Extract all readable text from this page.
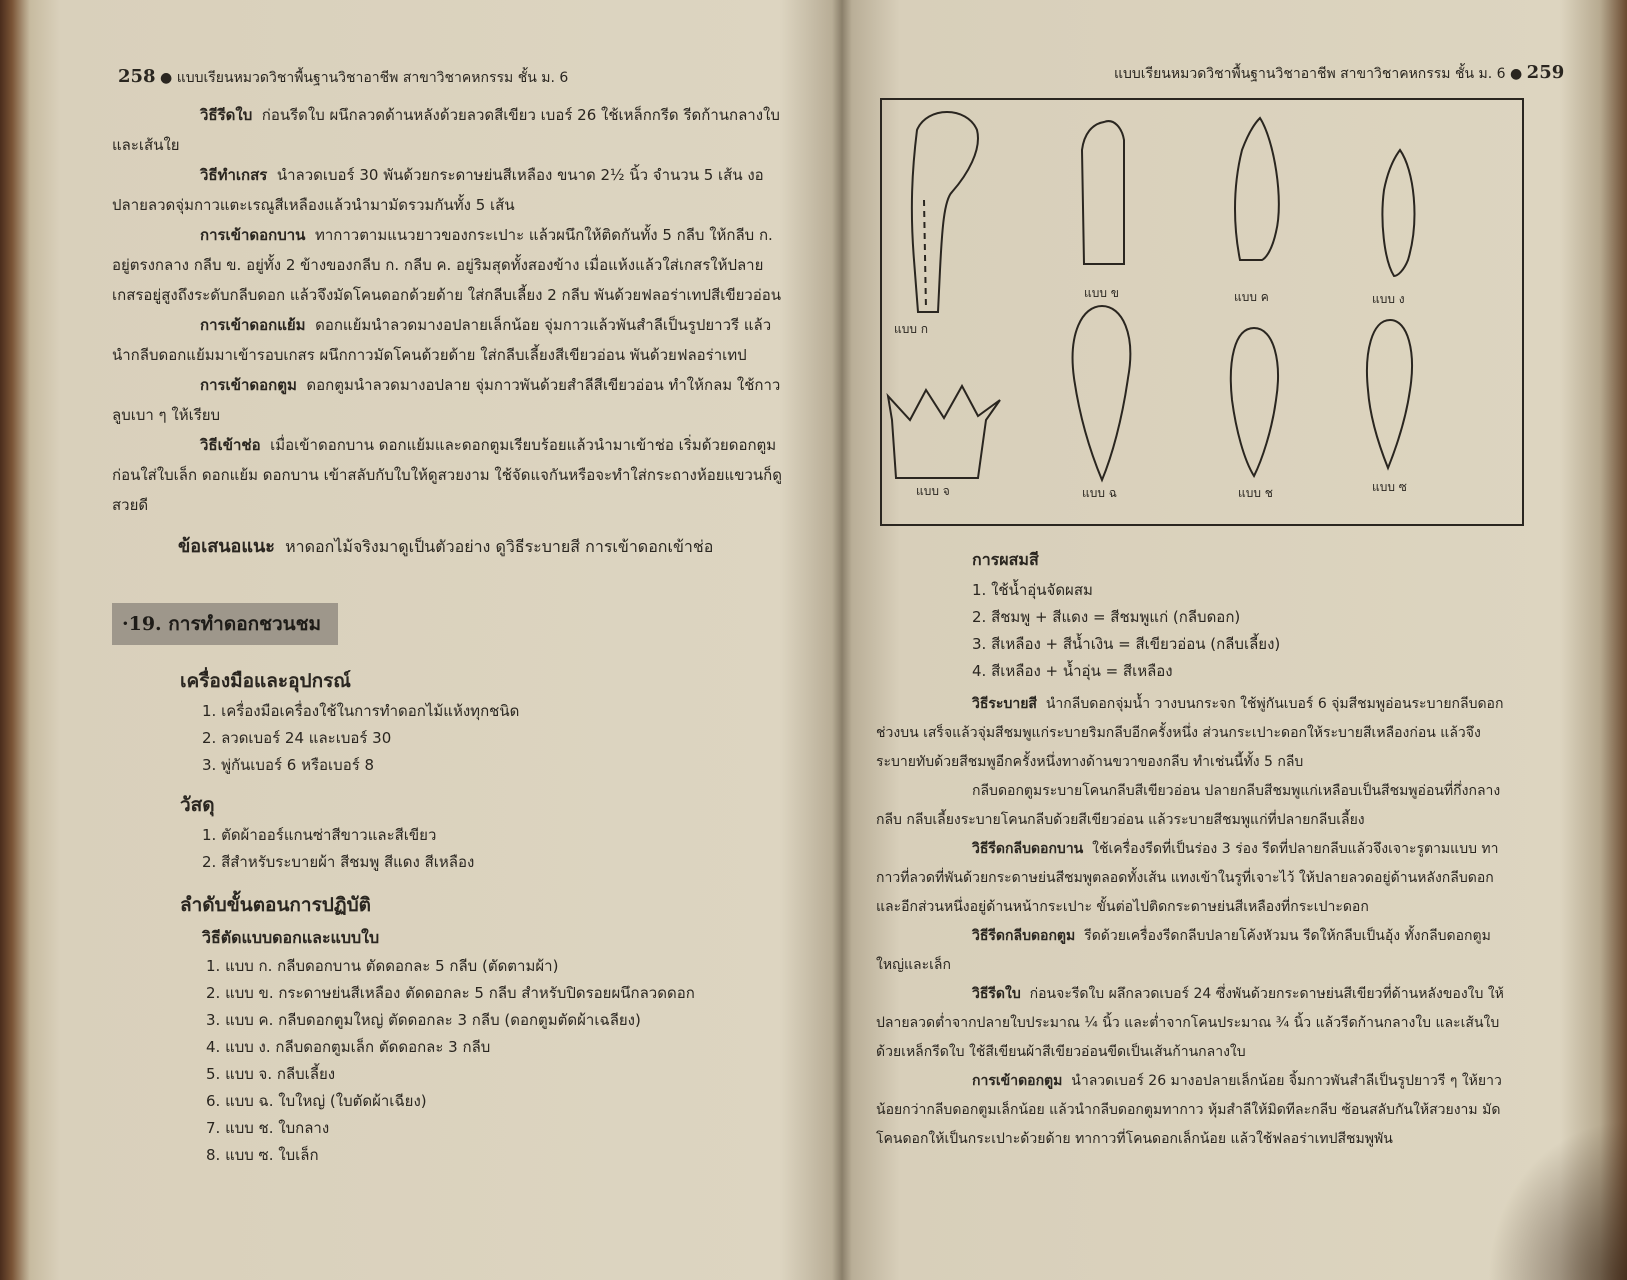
258 ● แบบเรียนหมวดวิชาพื้นฐานวิชาอาชีพ สาขาวิชาคหกรรม ชั้น ม. 6

วิธีรีดใบ ก่อนรีดใบ ผนึกลวดด้านหลังด้วยลวดสีเขียว เบอร์ 26 ใช้เหล็กกรีด รีดก้านกลางใบและเส้นใย

วิธีทำเกสร นำลวดเบอร์ 30 พันด้วยกระดาษย่นสีเหลือง ขนาด 2½ นิ้ว จำนวน 5 เส้น งอปลายลวดจุ่มกาวแตะเรณูสีเหลืองแล้วนำมามัดรวมกันทั้ง 5 เส้น

การเข้าดอกบาน ทากาวตามแนวยาวของกระเปาะ แล้วผนึกให้ติดกันทั้ง 5 กลีบ ให้กลีบ ก. อยู่ตรงกลาง กลีบ ข. อยู่ทั้ง 2 ข้างของกลีบ ก. กลีบ ค. อยู่ริมสุดทั้งสองข้าง เมื่อแห้งแล้วใส่เกสรให้ปลายเกสรอยู่สูงถึงระดับกลีบดอก แล้วจึงมัดโคนดอกด้วยด้าย ใส่กลีบเลี้ยง 2 กลีบ พันด้วยฟลอร่าเทปสีเขียวอ่อน

การเข้าดอกแย้ม ดอกแย้มนำลวดมางอปลายเล็กน้อย จุ่มกาวแล้วพันสำลีเป็นรูปยาวรี แล้วนำกลีบดอกแย้มมาเข้ารอบเกสร ผนึกกาวมัดโคนด้วยด้าย ใส่กลีบเลี้ยงสีเขียวอ่อน พันด้วยฟลอร่าเทป

การเข้าดอกตูม ดอกตูมนำลวดมางอปลาย จุ่มกาวพันด้วยสำลีสีเขียวอ่อน ทำให้กลม ใช้กาวลูบเบา ๆ ให้เรียบ

วิธีเข้าช่อ เมื่อเข้าดอกบาน ดอกแย้มและดอกตูมเรียบร้อยแล้วนำมาเข้าช่อ เริ่มด้วยดอกตูมก่อนใส่ใบเล็ก ดอกแย้ม ดอกบาน เข้าสลับกับใบให้ดูสวยงาม ใช้จัดแจกันหรือจะทำใส่กระถางห้อยแขวนก็ดูสวยดี

ข้อเสนอแนะ หาดอกไม้จริงมาดูเป็นตัวอย่าง ดูวิธีระบายสี การเข้าดอกเข้าช่อ

·19. การทำดอกชวนชม
เครื่องมือและอุปกรณ์
1. เครื่องมือเครื่องใช้ในการทำดอกไม้แห้งทุกชนิด
2. ลวดเบอร์ 24 และเบอร์ 30
3. พู่กันเบอร์ 6 หรือเบอร์ 8
วัสดุ
1. ตัดผ้าออร์แกนซ่าสีขาวและสีเขียว
2. สีสำหรับระบายผ้า สีชมพู สีแดง สีเหลือง
ลำดับขั้นตอนการปฏิบัติ
วิธีตัดแบบดอกและแบบใบ
1. แบบ ก. กลีบดอกบาน ตัดดอกละ 5 กลีบ (ตัดตามผ้า)
2. แบบ ข. กระดาษย่นสีเหลือง ตัดดอกละ 5 กลีบ สำหรับปิดรอยผนึกลวดดอก
3. แบบ ค. กลีบดอกตูมใหญ่ ตัดดอกละ 3 กลีบ (ดอกตูมตัดผ้าเฉลียง)
4. แบบ ง. กลีบดอกตูมเล็ก ตัดดอกละ 3 กลีบ
5. แบบ จ. กลีบเลี้ยง
6. แบบ ฉ. ใบใหญ่ (ใบตัดผ้าเฉียง)
7. แบบ ช. ใบกลาง
8. แบบ ซ. ใบเล็ก
แบบเรียนหมวดวิชาพื้นฐานวิชาอาชีพ สาขาวิชาคหกรรม ชั้น ม. 6 ● 259
แบบ ก
แบบ ข	แบบ ค	แบบ ง
แบบ จ	แบบ ฉ	แบบ ช	แบบ ซ
การผสมสี
1. ใช้น้ำอุ่นจัดผสม
2. สีชมพู + สีแดง = สีชมพูแก่ (กลีบดอก)
3. สีเหลือง + สีน้ำเงิน = สีเขียวอ่อน (กลีบเลี้ยง)
4. สีเหลือง + น้ำอุ่น = สีเหลือง

วิธีระบายสี นำกลีบดอกจุ่มน้ำ วางบนกระจก ใช้พู่กันเบอร์ 6 จุ่มสีชมพูอ่อนระบายกลีบดอกช่วงบน เสร็จแล้วจุ่มสีชมพูแก่ระบายริมกลีบอีกครั้งหนึ่ง ส่วนกระเปาะดอกให้ระบายสีเหลืองก่อน แล้วจึงระบายทับด้วยสีชมพูอีกครั้งหนึ่งทางด้านขวาของกลีบ ทำเช่นนี้ทั้ง 5 กลีบ

กลีบดอกตูมระบายโคนกลีบสีเขียวอ่อน ปลายกลีบสีชมพูแก่เหลือบเป็นสีชมพูอ่อนที่กึ่งกลางกลีบ กลีบเลี้ยงระบายโคนกลีบด้วยสีเขียวอ่อน แล้วระบายสีชมพูแก่ที่ปลายกลีบเลี้ยง

วิธีรีดกลีบดอกบาน ใช้เครื่องรีดที่เป็นร่อง 3 ร่อง รีดที่ปลายกลีบแล้วจึงเจาะรูตามแบบ ทากาวที่ลวดที่พันด้วยกระดาษย่นสีชมพูตลอดทั้งเส้น แทงเข้าในรูที่เจาะไว้ ให้ปลายลวดอยู่ด้านหลังกลีบดอก และอีกส่วนหนึ่งอยู่ด้านหน้ากระเปาะ ขั้นต่อไปติดกระดาษย่นสีเหลืองที่กระเปาะดอก

วิธีรีดกลีบดอกตูม รีดด้วยเครื่องรีดกลีบปลายโค้งหัวมน รีดให้กลีบเป็นอุ้ง ทั้งกลีบดอกตูมใหญ่และเล็ก

วิธีรีดใบ ก่อนจะรีดใบ ผลึกลวดเบอร์ 24 ซึ่งพันด้วยกระดาษย่นสีเขียวที่ด้านหลังของใบ ให้ปลายลวดต่ำจากปลายใบประมาณ ¼ นิ้ว และต่ำจากโคนประมาณ ¾ นิ้ว แล้วรีดก้านกลางใบ และเส้นใบด้วยเหล็กรีดใบ ใช้สีเขียนผ้าสีเขียวอ่อนขีดเป็นเส้นก้านกลางใบ

การเข้าดอกตูม นำลวดเบอร์ 26 มางอปลายเล็กน้อย จิ้มกาวพันสำลีเป็นรูปยาวรี ๆ ให้ยาวน้อยกว่ากลีบดอกตูมเล็กน้อย แล้วนำกลีบดอกตูมทากาว หุ้มสำลีให้มิดทีละกลีบ ซ้อนสลับกันให้สวยงาม มัดโคนดอกให้เป็นกระเปาะด้วยด้าย ทากาวที่โคนดอกเล็กน้อย แล้วใช้ฟลอร่าเทปสีชมพูพัน
